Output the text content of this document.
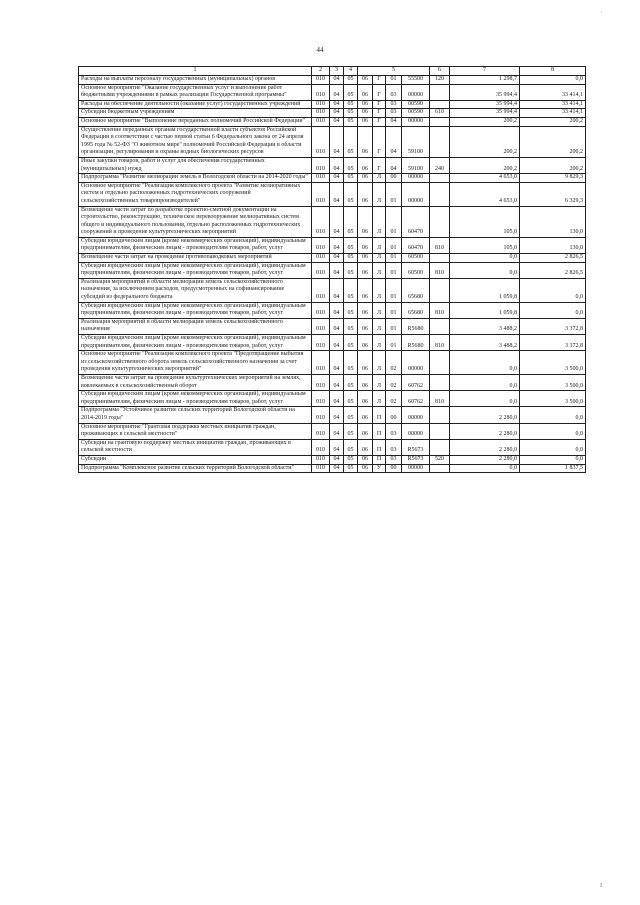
44
1	2	3	4	5				6	7	8
Расходы на выплаты персоналу государственных (муниципальных) органов	010	04	05	06	Г	01	55500	120	1 298,7	0,0
Основное мероприятие "Оказание государственных услуг и выполнение работ бюджетными учреждениями в рамках реализации Государственной программы"	010	04	05	06	Г	03	00000		35 994,4	33 414,1
Расходы на обеспечение деятельности (оказание услуг) государственных учреждений	010	04	05	06	Г	03	00590		35 994,4	33 414,1
Субсидии бюджетным учреждениям	010	04	05	06	Г	03	00590	610	35 994,4	33 414,1
Основное мероприятие "Выполнение переданных полномочий Российской Федерации"	010	04	05	06	Г	04	00000		200,2	200,2
Осуществление переданных органам государственной власти субъектов Российской Федерации в соответствии с частью первой статьи 6 Федерального закона от 24 апреля 1995 года № 52-ФЗ "О животном мире" полномочий Российской Федерации в области организации, регулирования и охраны водных биологических ресурсов	010	04	05	06	Г	04	59100		200,2	200,2
Иные закупки товаров, работ и услуг для обеспечения государственных (муниципальных) нужд	010	04	05	06	Г	04	59100	240	200,2	200,2
Подпрограмма "Развитие мелиорации земель в Вологодской области на 2014-2020 годы"	010	04	05	06	Л	00	00000		4 653,0	9 829,3
Основное мероприятие "Реализация комплексного проекта "Развитие мелиоративных систем и отдельно расположенных гидротехнических сооружений сельскохозяйственных товаропроизводителей"	010	04	05	06	Л	01	00000		4 653,0	6 329,3
Возмещение части затрат по разработке проектно-сметной документации на строительство, реконструкцию, техническое перевооружение мелиоративных систем общего и индивидуального пользования, отдельно расположенных гидротехнических сооружений и проведение культуртехнических мероприятий	010	04	05	06	Л	01	60470		105,0	130,0
Субсидии юридическим лицам (кроме некоммерческих организаций), индивидуальным предпринимателям, физическим лицам - производителям товаров, работ, услуг	010	04	05	06	Л	01	60470	810	105,0	130,0
Возмещение части затрат на проведение противопаводковых мероприятий	010	04	05	06	Л	01	60500		0,0	2 826,5
Субсидии юридическим лицам (кроме некоммерческих организаций), индивидуальным предпринимателям, физическим лицам - производителям товаров, работ, услуг	010	04	05	06	Л	01	60500	810	0,0	2 826,5
Реализация мероприятий в области мелиорации земель сельскохозяйственного назначения, за исключением расходов, предусмотренных на софинансирование субсидий из федерального бюджета	010	04	05	06	Л	01	65680		1 059,8	0,0
Субсидии юридическим лицам (кроме некоммерческих организаций), индивидуальным предпринимателям, физическим лицам - производителям товаров, работ, услуг	010	04	05	06	Л	01	65680	810	1 059,8	0,0
Реализация мероприятий в области мелиорации земель сельскохозяйственного назначения	010	04	05	06	Л	01	R5680		3 488,2	3 372,8
Субсидии юридическим лицам (кроме некоммерческих организаций), индивидуальным предпринимателям, физическим лицам - производителям товаров, работ, услуг	010	04	05	06	Л	01	R5680	810	3 488,2	3 372,8
Основное мероприятие "Реализация комплексного проекта "Предотвращение выбытия из сельскохозяйственного оборота земель сельскохозяйственного назначения за счет проведения культуртехнических мероприятий"	010	04	05	06	Л	02	00000		0,0	3 500,0
Возмещение части затрат на проведение культуртехнических мероприятий на землях, вовлекаемых в сельскохозяйственный оборот	010	04	05	06	Л	02	60762		0,0	3 500,0
Субсидии юридическим лицам (кроме некоммерческих организаций), индивидуальным предпринимателям, физическим лицам - производителям товаров, работ, услуг	010	04	05	06	Л	02	60762	810	0,0	3 500,0
Подпрограмма "Устойчивое развитие сельских территорий Вологодской области на 2014-2019 годы"	010	04	05	06	П	00	00000		2 280,0	0,0
Основное мероприятие "Грантовая поддержка местных инициатив граждан, проживающих в сельской местности"	010	04	05	06	П	03	00000		2 280,0	0,0
Субсидии на грантовую поддержку местных инициатив граждан, проживающих в сельской местности	010	04	05	06	П	03	R5673		2 280,0	0,0
Субсидии	010	04	05	06	П	03	R5673	520	2 280,0	0,0
Подпрограмма "Комплексное развитие сельских территорий Вологодской области"	010	04	05	06	У	00	00000		0,0	1 837,5
ˈ
ı
